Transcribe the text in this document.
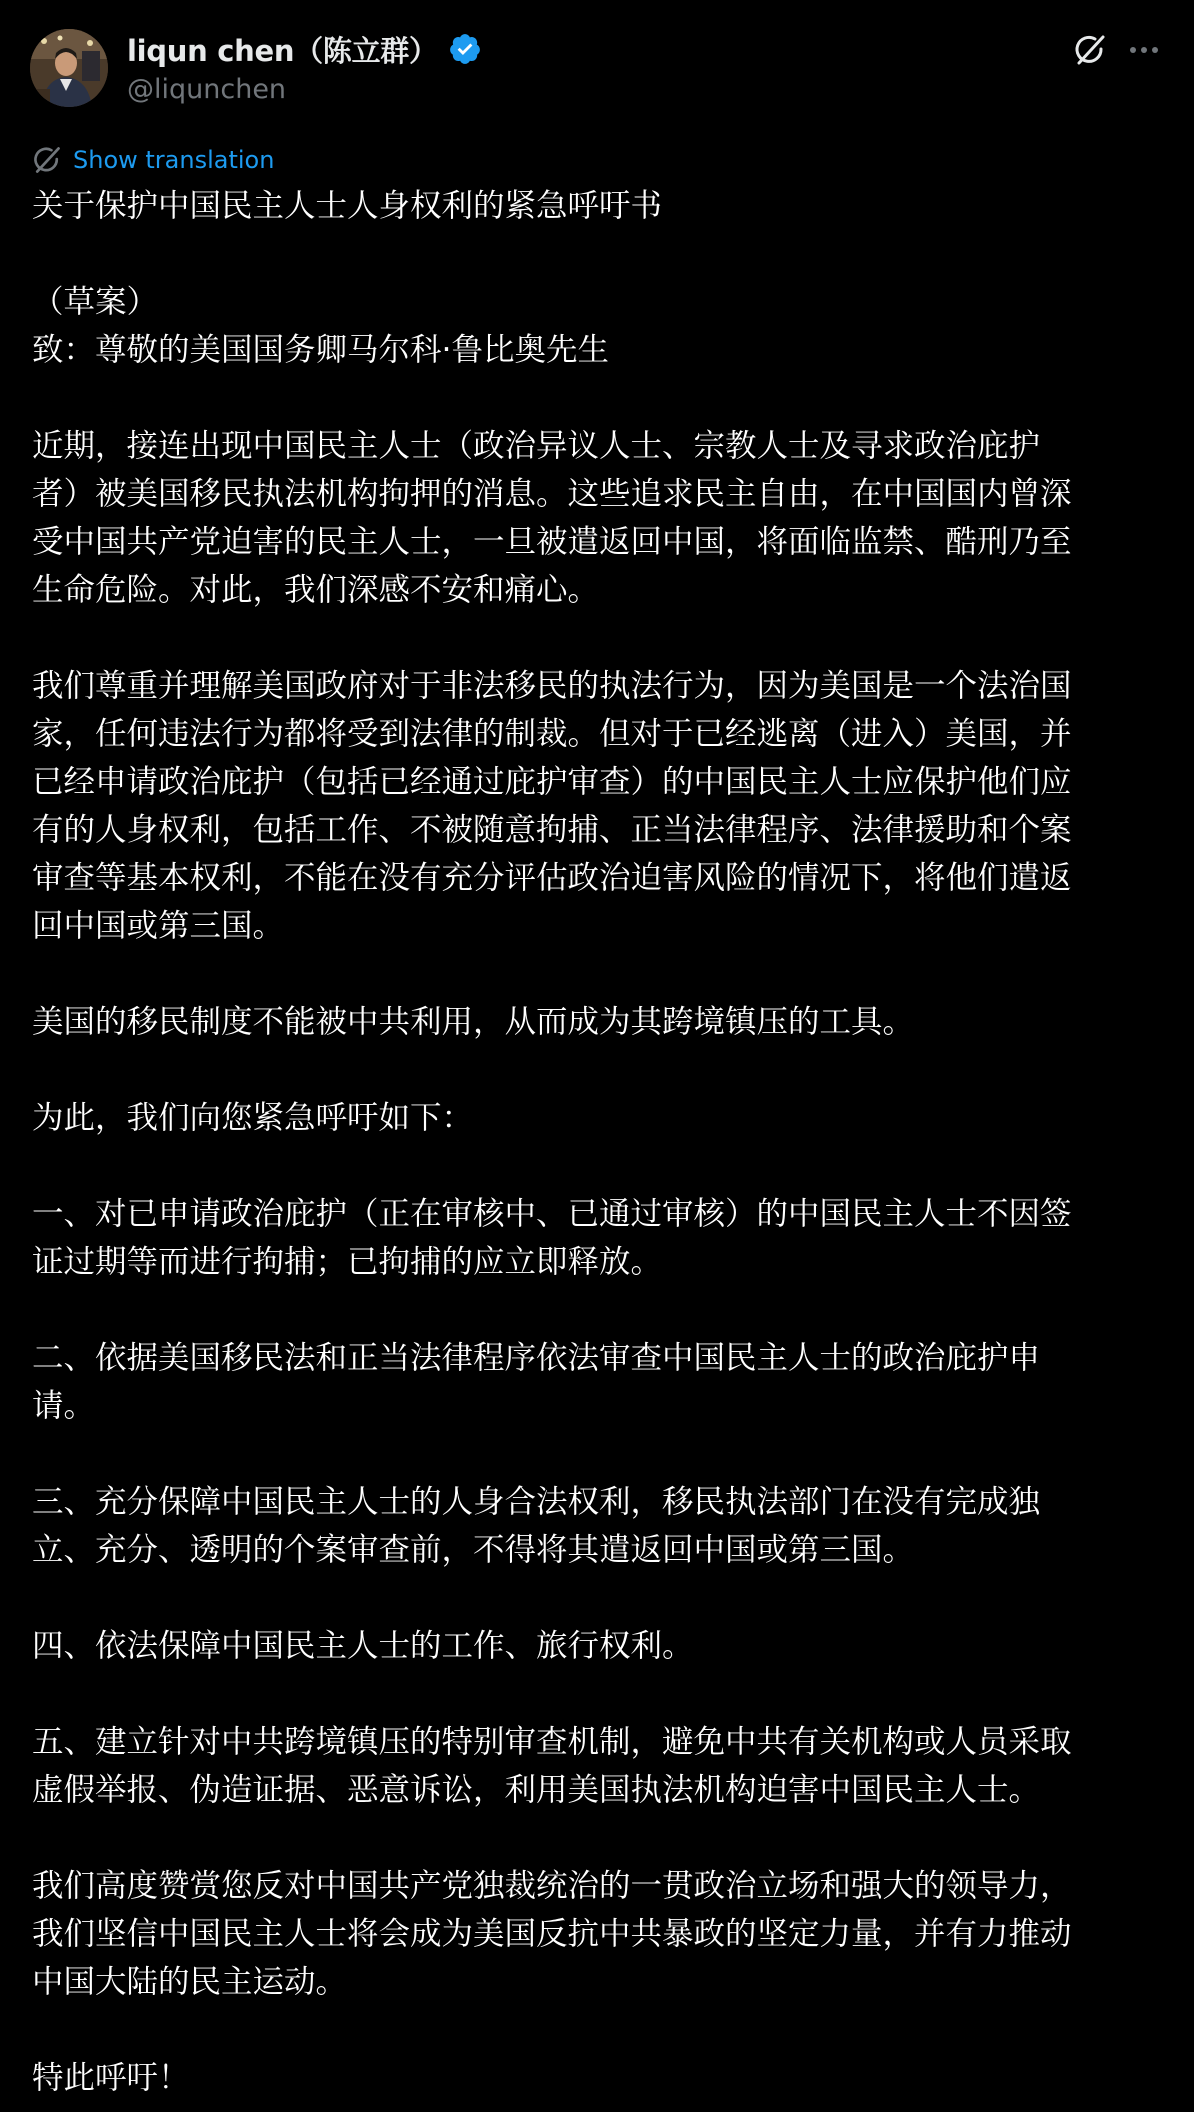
liqun chen（陈立群）
@liqunchen
Show translation
关于保护中国民主人士人身权利的紧急呼吁书
（草案）
致：尊敬的美国国务卿马尔科·鲁比奥先生
近期，接连出现中国民主人士（政治异议人士、宗教人士及寻求政治庇护
者）被美国移民执法机构拘押的消息。这些追求民主自由，在中国国内曾深
受中国共产党迫害的民主人士，一旦被遣返回中国，将面临监禁、酷刑乃至
生命危险。对此，我们深感不安和痛心。
我们尊重并理解美国政府对于非法移民的执法行为，因为美国是一个法治国
家，任何违法行为都将受到法律的制裁。但对于已经逃离（进入）美国，并
已经申请政治庇护（包括已经通过庇护审查）的中国民主人士应保护他们应
有的人身权利，包括工作、不被随意拘捕、正当法律程序、法律援助和个案
审查等基本权利，不能在没有充分评估政治迫害风险的情况下，将他们遣返
回中国或第三国。
美国的移民制度不能被中共利用，从而成为其跨境镇压的工具。
为此，我们向您紧急呼吁如下：
一、对已申请政治庇护（正在审核中、已通过审核）的中国民主人士不因签
证过期等而进行拘捕；已拘捕的应立即释放。
二、依据美国移民法和正当法律程序依法审查中国民主人士的政治庇护申
请。
三、充分保障中国民主人士的人身合法权利，移民执法部门在没有完成独
立、充分、透明的个案审查前，不得将其遣返回中国或第三国。
四、依法保障中国民主人士的工作、旅行权利。
五、建立针对中共跨境镇压的特别审查机制，避免中共有关机构或人员采取
虚假举报、伪造证据、恶意诉讼，利用美国执法机构迫害中国民主人士。
我们高度赞赏您反对中国共产党独裁统治的一贯政治立场和强大的领导力，
我们坚信中国民主人士将会成为美国反抗中共暴政的坚定力量，并有力推动
中国大陆的民主运动。
特此呼吁！
